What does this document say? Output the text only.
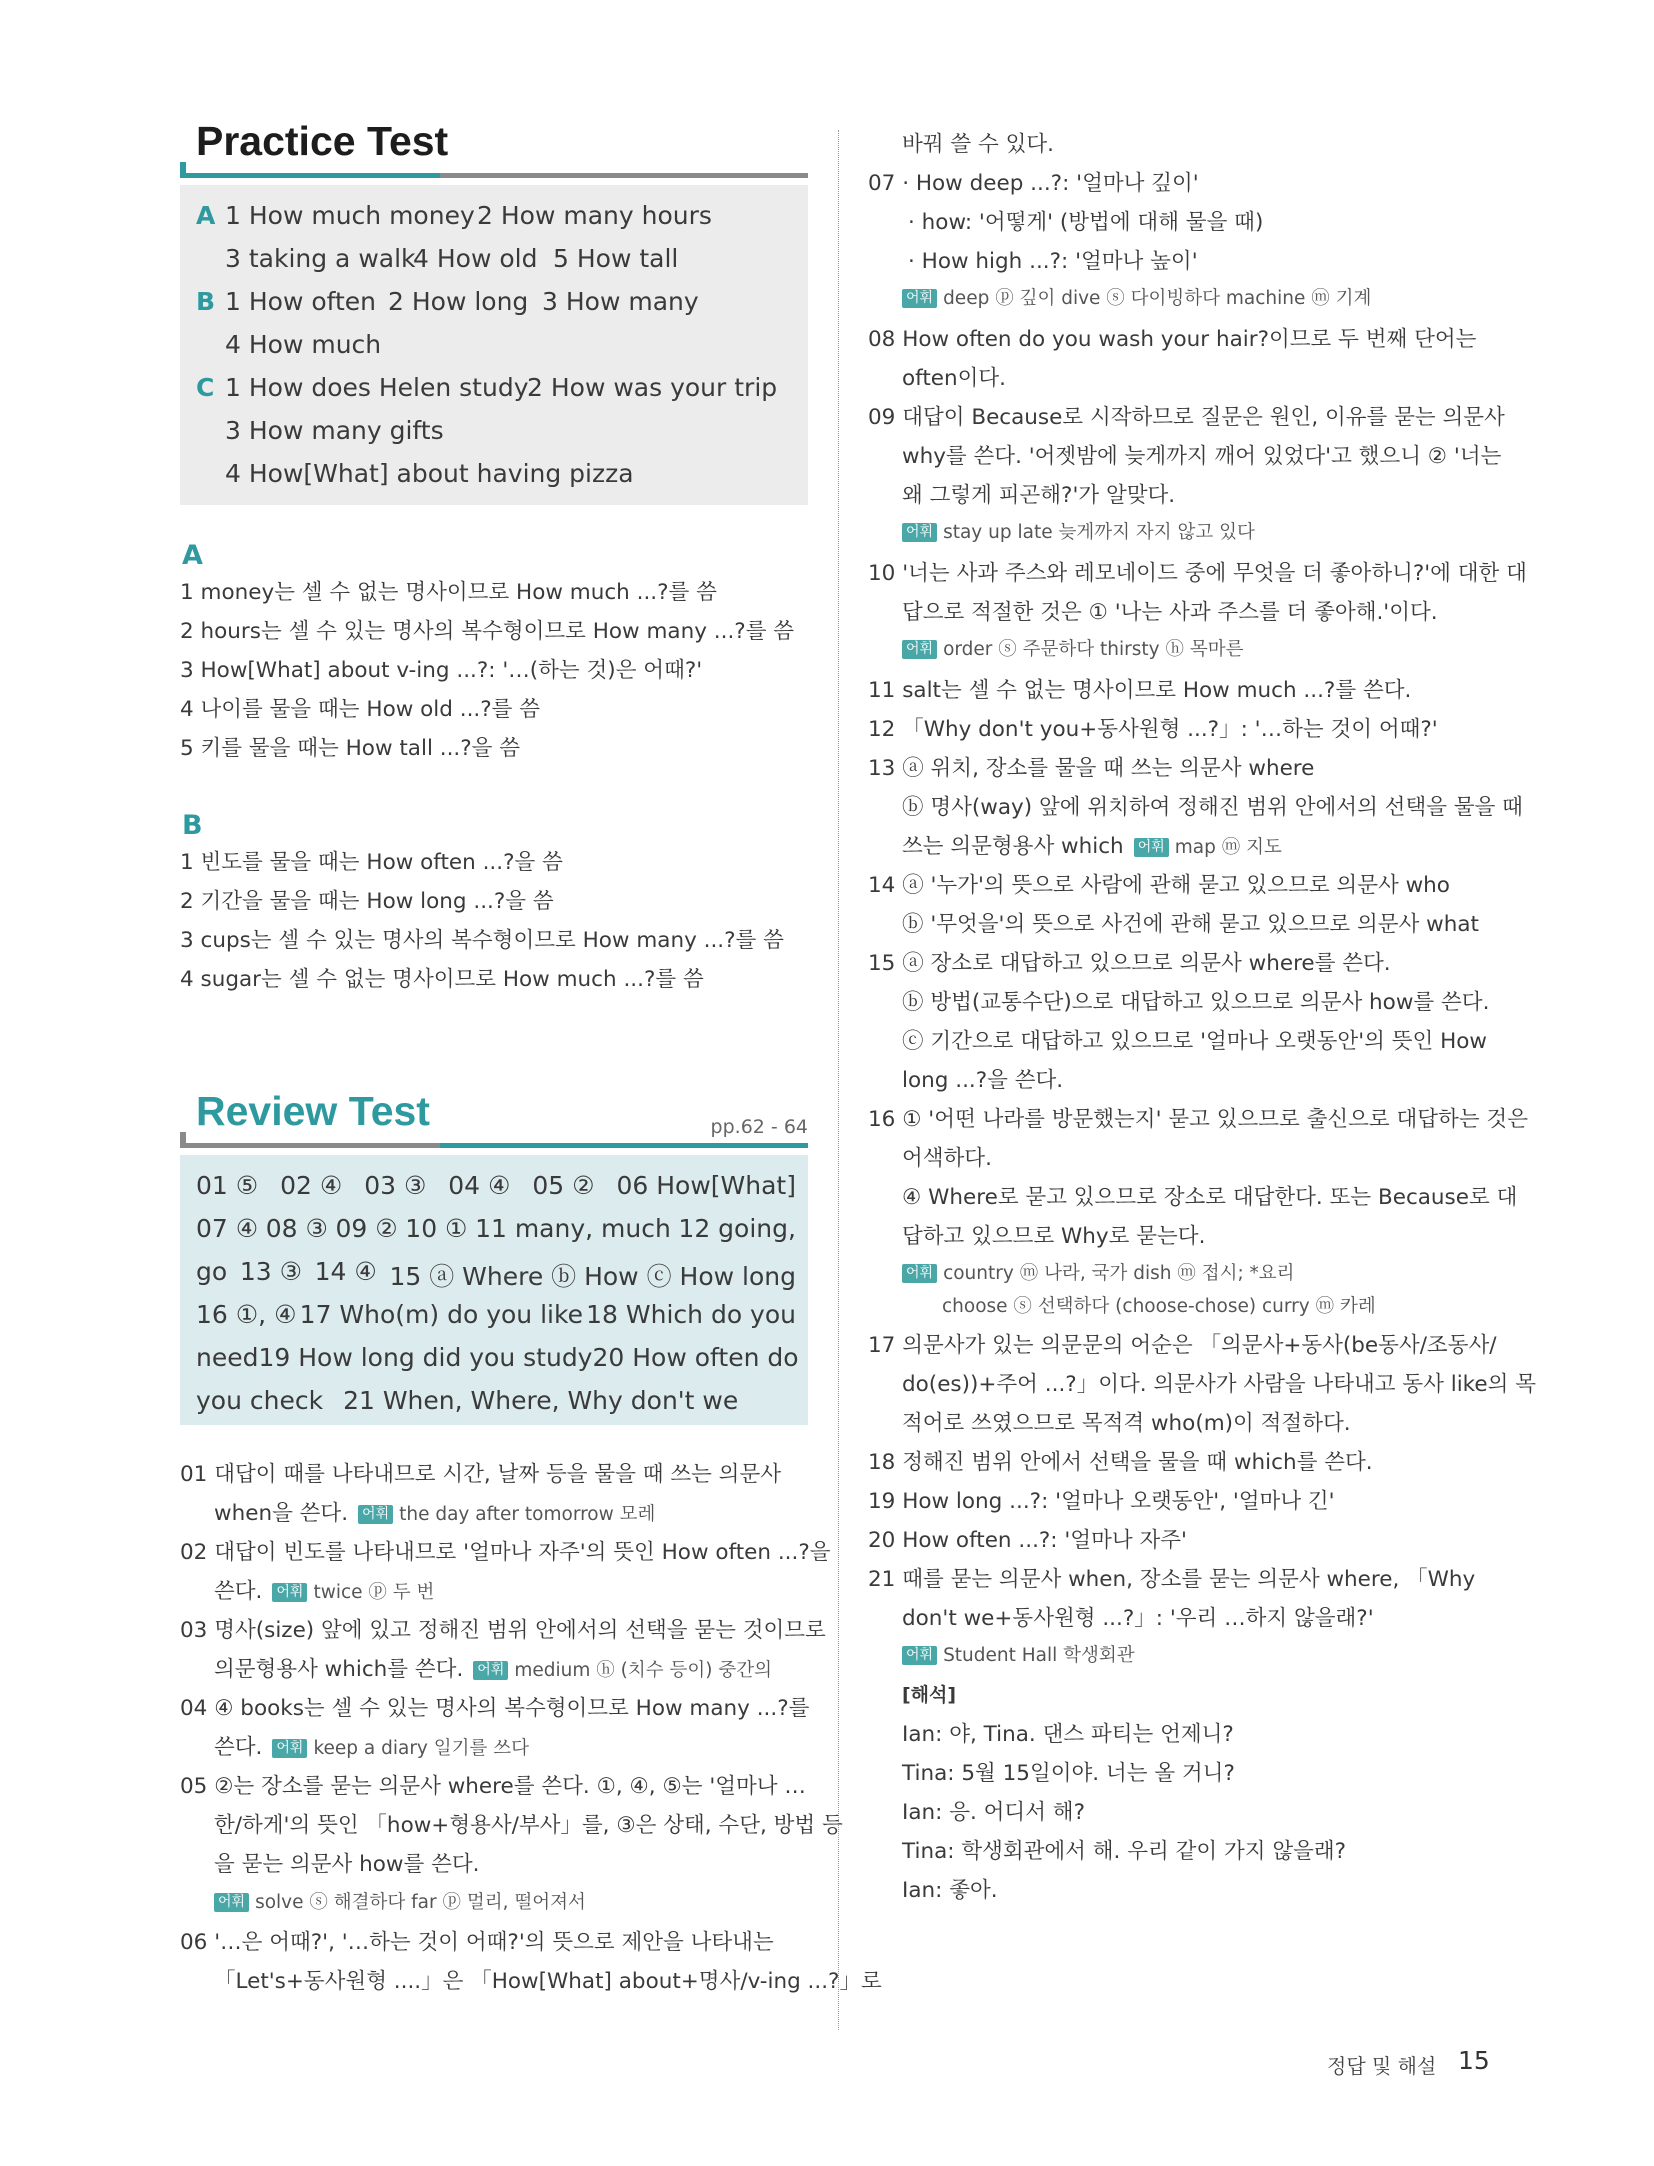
Practice Test
A 1 How much money 2 How many hours
3 taking a walk
4 How old 5 How tall
B 1 How often 2 How long 3 How many
4 How much
C 1 How does Helen study
2 How was your trip
3 How many gifts
4 How[What] about having pizza
A
1 money는 셀 수 없는 명사이므로 How much ...?를 씀
2 hours는 셀 수 있는 명사의 복수형이므로 How many ...?를 씀
3 How[What] about v-ing ...?: '…(하는 것)은 어때?'
4 나이를 물을 때는 How old ...?를 씀
5 키를 물을 때는 How tall ...?을 씀
B
1 빈도를 물을 때는 How often ...?을 씀
2 기간을 물을 때는 How long ...?을 씀
3 cups는 셀 수 있는 명사의 복수형이므로 How many ...?를 씀
4 sugar는 셀 수 없는 명사이므로 How much ...?를 씀
Review Test	pp.62 - 64
01 ⑤ 02 ④ 03 ③ 04 ④ 05 ② 06 How[What]
07 ④ 08 ③ 09 ② 10 ① 11 many, much 12 going,
go 13 ③ 14 ④ 15 ⓐ Where ⓑ How ⓒ How long
16 ①, ④ 17 Who(m) do you like 18 Which do you
need 19 How long did you study 20 How often do
you check 21 When, Where, Why don't we
01 대답이 때를 나타내므로 시간, 날짜 등을 물을 때 쓰는 의문사
when을 쓴다. 어휘 the day after tomorrow 모레
02 대답이 빈도를 나타내므로 '얼마나 자주'의 뜻인 How often ...?을
쓴다. 어휘 twice ⓟ 두 번
03 명사(size) 앞에 있고 정해진 범위 안에서의 선택을 묻는 것이므로
의문형용사 which를 쓴다. 어휘 medium ⓗ (치수 등이) 중간의
04 ④ books는 셀 수 있는 명사의 복수형이므로 How many ...?를
쓴다. 어휘 keep a diary 일기를 쓰다
05 ②는 장소를 묻는 의문사 where를 쓴다. ①, ④, ⑤는 '얼마나 …
한/하게'의 뜻인 「how+형용사/부사」를, ③은 상태, 수단, 방법 등
을 묻는 의문사 how를 쓴다.
어휘 solve ⓢ 해결하다 far ⓟ 멀리, 떨어져서
06 '…은 어때?', '…하는 것이 어때?'의 뜻으로 제안을 나타내는
「Let's+동사원형 ....」은 「How[What] about+명사/v-ing ...?」로
바꿔 쓸 수 있다.
07 · How deep ...?: '얼마나 깊이'
· how: '어떻게' (방법에 대해 물을 때)
· How high ...?: '얼마나 높이'
어휘 deep ⓟ 깊이 dive ⓢ 다이빙하다 machine ⓜ 기계
08 How often do you wash your hair?이므로 두 번째 단어는
often이다.
09 대답이 Because로 시작하므로 질문은 원인, 이유를 묻는 의문사
why를 쓴다. '어젯밤에 늦게까지 깨어 있었다'고 했으니 ② '너는
왜 그렇게 피곤해?'가 알맞다.
어휘 stay up late 늦게까지 자지 않고 있다
10 '너는 사과 주스와 레모네이드 중에 무엇을 더 좋아하니?'에 대한 대
답으로 적절한 것은 ① '나는 사과 주스를 더 좋아해.'이다.
어휘 order ⓢ 주문하다 thirsty ⓗ 목마른
11 salt는 셀 수 없는 명사이므로 How much ...?를 쓴다.
12 「Why don't you+동사원형 ...?」: '…하는 것이 어때?'
13 ⓐ 위치, 장소를 물을 때 쓰는 의문사 where
ⓑ 명사(way) 앞에 위치하여 정해진 범위 안에서의 선택을 물을 때
쓰는 의문형용사 which 어휘 map ⓜ 지도
14 ⓐ '누가'의 뜻으로 사람에 관해 묻고 있으므로 의문사 who
ⓑ '무엇을'의 뜻으로 사건에 관해 묻고 있으므로 의문사 what
15 ⓐ 장소로 대답하고 있으므로 의문사 where를 쓴다.
ⓑ 방법(교통수단)으로 대답하고 있으므로 의문사 how를 쓴다.
ⓒ 기간으로 대답하고 있으므로 '얼마나 오랫동안'의 뜻인 How
long ...?을 쓴다.
16 ① '어떤 나라를 방문했는지' 묻고 있으므로 출신으로 대답하는 것은
어색하다.
④ Where로 묻고 있으므로 장소로 대답한다. 또는 Because로 대
답하고 있으므로 Why로 묻는다.
어휘 country ⓜ 나라, 국가 dish ⓜ 접시; *요리
choose ⓢ 선택하다 (choose-chose) curry ⓜ 카레
17 의문사가 있는 의문문의 어순은 「의문사+동사(be동사/조동사/
do(es))+주어 ...?」이다. 의문사가 사람을 나타내고 동사 like의 목
적어로 쓰였으므로 목적격 who(m)이 적절하다.
18 정해진 범위 안에서 선택을 물을 때 which를 쓴다.
19 How long ...?: '얼마나 오랫동안', '얼마나 긴'
20 How often ...?: '얼마나 자주'
21 때를 묻는 의문사 when, 장소를 묻는 의문사 where, 「Why
don't we+동사원형 ...?」: '우리 …하지 않을래?'
어휘 Student Hall 학생회관
[해석]
Ian: 야, Tina. 댄스 파티는 언제니?
Tina: 5월 15일이야. 너는 올 거니?
Ian: 응. 어디서 해?
Tina: 학생회관에서 해. 우리 같이 가지 않을래?
Ian: 좋아.
정답 및 해설 15
